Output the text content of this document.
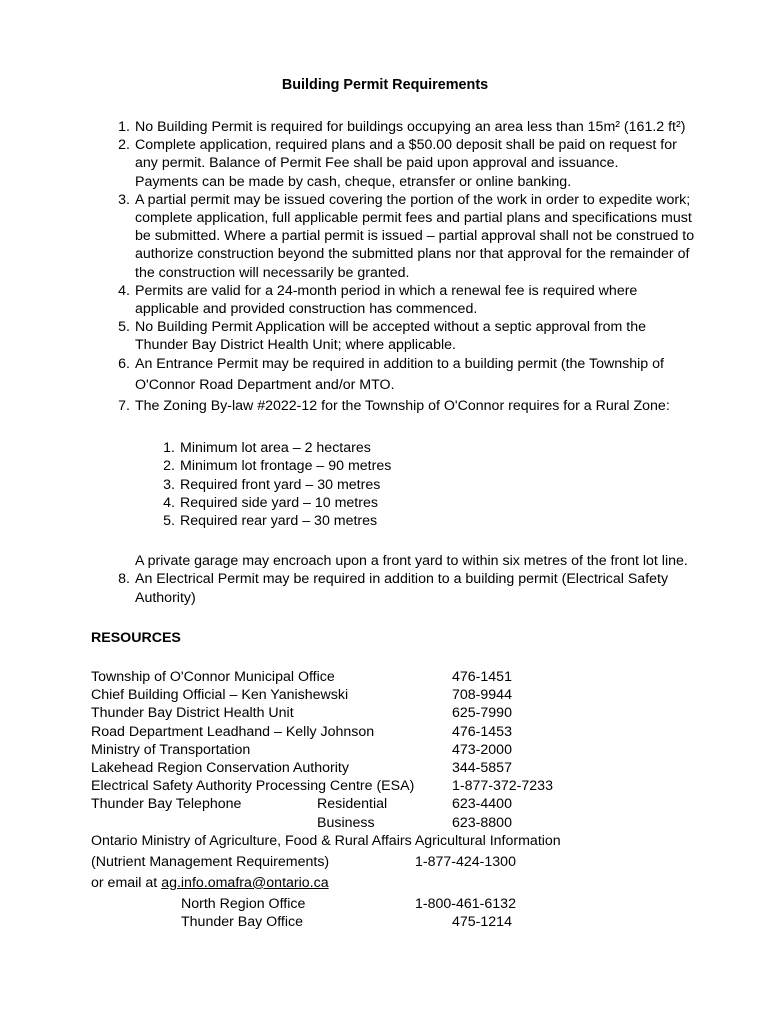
Building Permit Requirements
1. No Building Permit is required for buildings occupying an area less than 15m² (161.2 ft²)

2. Complete application, required plans and a $50.00 deposit shall be paid on request for

any permit. Balance of Permit Fee shall be paid upon approval and issuance.

Payments can be made by cash, cheque, etransfer or online banking.

3. A partial permit may be issued covering the portion of the work in order to expedite work;

complete application, full applicable permit fees and partial plans and specifications must

be submitted. Where a partial permit is issued – partial approval shall not be construed to

authorize construction beyond the submitted plans nor that approval for the remainder of

the construction will necessarily be granted.

4. Permits are valid for a 24-month period in which a renewal fee is required where

applicable and provided construction has commenced.

5. No Building Permit Application will be accepted without a septic approval from the

Thunder Bay District Health Unit; where applicable.

6. An Entrance Permit may be required in addition to a building permit (the Township of

O'Connor Road Department and/or MTO.

7. The Zoning By-law #2022-12 for the Township of O'Connor requires for a Rural Zone:

1. Minimum lot area – 2 hectares

2. Minimum lot frontage – 90 metres

3. Required front yard – 30 metres

4. Required side yard – 10 metres

5. Required rear yard – 30 metres

A private garage may encroach upon a front yard to within six metres of the front lot line.

8. An Electrical Permit may be required in addition to a building permit (Electrical Safety

Authority)

RESOURCES
Township of O'Connor Municipal Office	476-1451
Chief Building Official – Ken Yanishewski	708-9944
Thunder Bay District Health Unit	625-7990
Road Department Leadhand – Kelly Johnson	476-1453
Ministry of Transportation	473-2000
Lakehead Region Conservation Authority	344-5857
Electrical Safety Authority Processing Centre (ESA)	1-877-372-7233
Thunder Bay Telephone	Residential	623-4400
Business	623-8800
Ontario Ministry of Agriculture, Food & Rural Affairs Agricultural Information
(Nutrient Management Requirements)	1-877-424-1300
or email at ag.info.omafra@ontario.ca
North Region Office	1-800-461-6132
Thunder Bay Office	475-1214
